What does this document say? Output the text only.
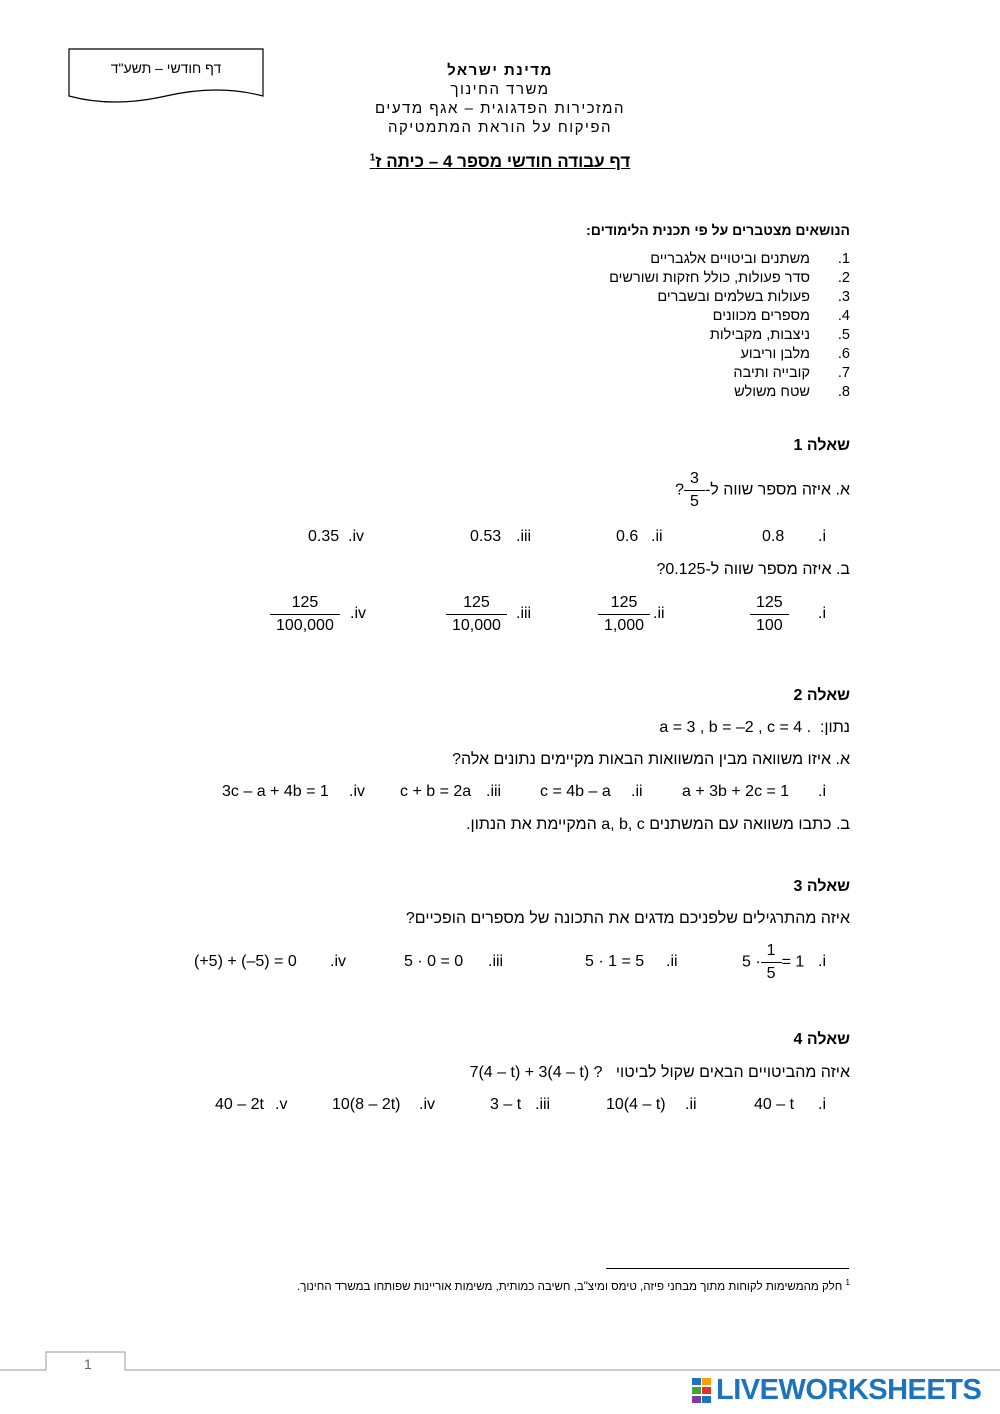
דף חודשי – תשע"ד	מדינת ישראל
משרד החינוך
המזכירות הפדגוגית – אגף מדעים
הפיקוח על הוראת המתמטיקה
דף עבודה חודשי מספר 4 – כיתה ז$^1$
הנושאים מצטברים על פי תכנית הלימודים:
1.משתנים וביטויים אלגבריים
2.סדר פעולות, כולל חזקות ושורשים
3.פעולות בשלמים ובשברים
4.מספרים מכוונים
5.ניצבות, מקבילות
6.מלבן וריבוע
7.קובייה ותיבה
8.שטח משולש
שאלה 1
א. איזה מספר שווה ל-
$\frac{3}{5}$
?
.i
0.8
.ii
0.6
.iii
0.53
.iv
0.35
ב. איזה מספר שווה ל-0.125?
.i
$\frac{125}{100}$
.ii
$\frac{125}{1,000}$
.iii
$\frac{125}{10,000}$
.iv
$\frac{125}{100,000}$
שאלה 2
נתון:  a = 3 , b = –2 , c = 4 .
א. איזו משוואה מבין המשוואות הבאות מקיימים נתונים אלה?
.i
a + 3b + 2c = 1
.ii
c = 4b – a
.iii
c + b = 2a
.iv
3c – a + 4b = 1
ב. כתבו משוואה עם המשתנים a, b, c המקיימת את הנתון.
שאלה 3
איזה מהתרגילים שלפניכם מדגים את התכונה של מספרים הופכיים?
.i
$5 \cdot \frac{1}{5} = 1$
.ii
5 · 1 = 5
.iii
5 · 0 = 0
.iv
(+5) + (–5) = 0
שאלה 4
איזה מהביטויים הבאים שקול לביטוי   7(4 – t) + 3(4 – t) ?
.i
40 – t
.ii
10(4 – t)
.iii
3 – t
.iv
10(8 – 2t)
.v
40 – 2t
$^1$ חלק מהמשימות לקוחות מתוך מבחני פיזה, טימס ומיצ"ב, חשיבה כמותית, משימות אוריינות שפותחו במשרד החינוך.
1
LIVEWORKSHEETS
